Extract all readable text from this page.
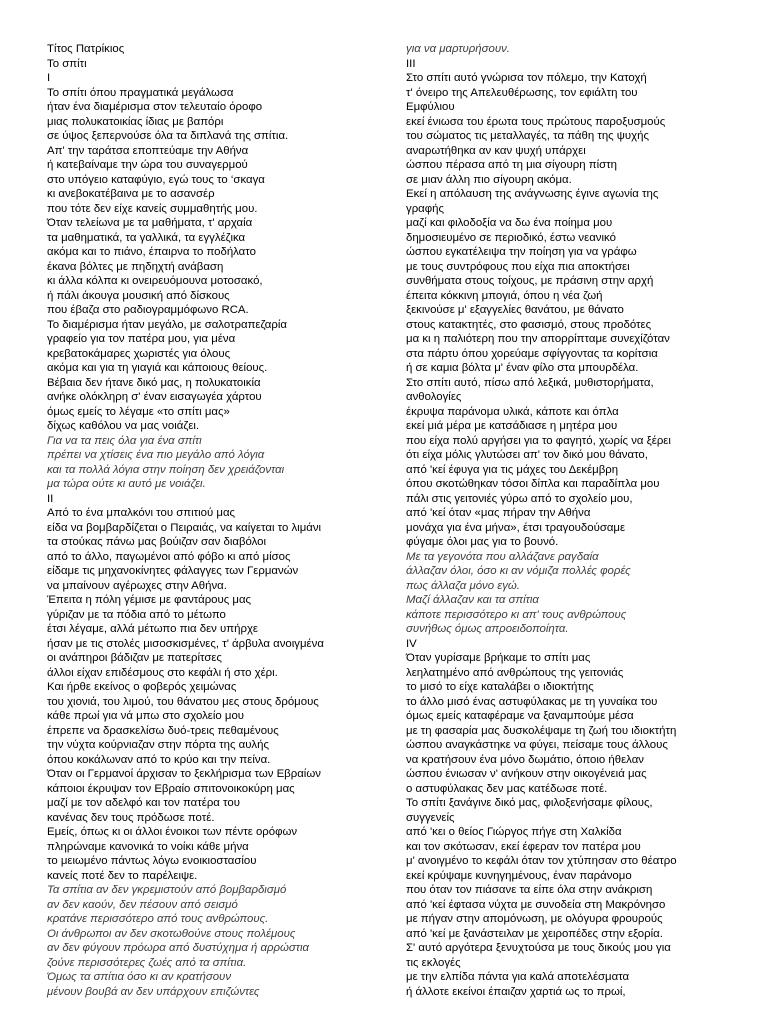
Τίτος Πατρίκιος
Το σπίτι
I
Το σπίτι όπου πραγματικά μεγάλωσα
ήταν ένα διαμέρισμα στον τελευταίο όροφο
μιας πολυκατοικίας ίδιας με βαπόρι
σε ύψος ξεπερνούσε όλα τα διπλανά της σπίτια.
Απ' την ταράτσα εποπτεύαμε την Αθήνα
ή κατεβαίναμε την ώρα του συναγερμού
στο υπόγειο καταφύγιο, εγώ τους το ‘σκαγα
κι ανεβοκατέβαινα με το ασανσέρ
που τότε δεν είχε κανείς συμμαθητής μου.
Όταν τελείωνα με τα μαθήματα, τ' αρχαία
τα μαθηματικά, τα γαλλικά, τα εγγλέζικα
ακόμα και το πιάνο, έπαιρνα το ποδήλατο
έκανα βόλτες με πηδηχτή ανάβαση
κι άλλα κόλπα κι ονειρευόμουνα μοτοσακό,
ή πάλι άκουγα μουσική από δίσκους
που έβαζα στο ραδιογραμμόφωνο RCA.
Το διαμέρισμα ήταν μεγάλο, με σαλοτραπεζαρία
γραφείο για τον πατέρα μου, για μένα
κρεβατοκάμαρες χωριστές για όλους
ακόμα και για τη γιαγιά και κάποιους θείους.
Βέβαια δεν ήτανε δικό μας, η πολυκατοικία
ανήκε ολόκληρη σ' έναν εισαγωγέα χάρτου
όμως εμείς το λέγαμε «το σπίτι μας»
δίχως καθόλου να μας νοιάζει.
Για να τα πεις όλα για ένα σπίτι
πρέπει να χτίσεις ένα πιο μεγάλο από λόγια
και τα πολλά λόγια στην ποίηση δεν χρειάζονται
μα τώρα ούτε κι αυτό με νοιάζει.
II
Από το ένα μπαλκόνι του σπιτιού μας
είδα να βομβαρδίζεται ο Πειραιάς, να καίγεται το λιμάνι
τα στούκας πάνω μας βούιζαν σαν διαβόλοι
από το άλλο, παγωμένοι από φόβο κι από μίσος
είδαμε τις μηχανοκίνητες φάλαγγες των Γερμανών
να μπαίνουν αγέρωχες στην Αθήνα.
Έπειτα η πόλη γέμισε με φαντάρους μας
γύριζαν με τα πόδια από το μέτωπο
έτσι λέγαμε, αλλά μέτωπο πια δεν υπήρχε
ήσαν με τις στολές μισοσκισμένες, τ' άρβυλα ανοιγμένα
οι ανάπηροι βάδιζαν με πατερίτσες
άλλοι είχαν επιδέσμους στο κεφάλι ή στο χέρι.
Και ήρθε εκείνος ο φοβερός χειμώνας
του χιονιά, του λιμού, του θάνατου μες στους δρόμους
κάθε πρωί για νά μπω στο σχολείο μου
έπρεπε να δρασκελίσω δυό-τρεις πεθαμένους
την νύχτα κούρνιαζαν στην πόρτα της αυλής
όπου κοκάλωναν από το κρύο και την πείνα.
Όταν οι Γερμανοί άρχισαν το ξεκλήρισμα των Εβραίων
κάποιοι έκρυψαν τον Εβραίο σπιτονοικοκύρη μας
μαζί με τον αδελφό και τον πατέρα του
κανένας δεν τους πρόδωσε ποτέ.
Εμείς, όπως κι οι άλλοι ένοικοι των πέντε ορόφων
πληρώναμε κανονικά το νοίκι κάθε μήνα
το μειωμένο πάντως λόγω ενοικιοστασίου
κανείς ποτέ δεν το παρέλειψε.
Τα σπίτια αν δεν γκρεμιστούν από βομβαρδισμό
αν δεν καούν, δεν πέσουν από σεισμό
κρατάνε περισσότερο από τους ανθρώπους.
Οι άνθρωποι αν δεν σκοτωθούνε στους πολέμους
αν δεν φύγουν πρόωρα από δυστύχημα ή αρρώστια
ζούνε περισσότερες ζωές από τα σπίτια.
Όμως τα σπίτια όσο κι αν κρατήσουν
μένουν βουβά αν δεν υπάρχουν επιζώντες
για να μαρτυρήσουν.
III
Στο σπίτι αυτό γνώρισα τον πόλεμο, την Κατοχή
τ' όνειρο της Απελευθέρωσης, τον εφιάλτη του
Εμφύλιου
εκεί ένιωσα του έρωτα τους πρώτους παροξυσμούς
του σώματος τις μεταλλαγές, τα πάθη της ψυχής
αναρωτήθηκα αν καν ψυχή υπάρχει
ώσπου πέρασα από τη μια σίγουρη πίστη
σε μιαν άλλη πιο σίγουρη ακόμα.
Εκεί η απόλαυση της ανάγνωσης έγινε αγωνία της
γραφής
μαζί και φιλοδοξία να δω ένα ποίημα μου
δημοσιευμένο σε περιοδικό, έστω νεανικό
ώσπου εγκατέλειψα την ποίηση για να γράφω
με τους συντρόφους που είχα πια αποκτήσει
συνθήματα στους τοίχους, με πράσινη στην αρχή
έπειτα κόκκινη μπογιά, όπου η νέα ζωή
ξεκινούσε μ' εξαγγελίες θανάτου, με θάνατο
στους κατακτητές, στο φασισμό, στους προδότες
μα κι η παλιότερη που την απορρίπταμε συνεχίζόταν
στα πάρτυ όπου χορεύαμε σφίγγοντας τα κορίτσια
ή σε καμια βόλτα μ' έναν φίλο στα μπουρδέλα.
Στο σπίτι αυτό, πίσω από λεξικά, μυθιστορήματα,
ανθολογίες
έκρυψα παράνομα υλικά, κάποτε και όπλα
εκεί μιά μέρα με κατσάδιασε η μητέρα μου
που είχα πολύ αργήσει για το φαγητό, χωρίς να ξέρει
ότι είχα μόλις γλυτώσει απ' τον δικό μου θάνατο,
από 'κεί έφυγα για τις μάχες του Δεκέμβρη
όπου σκοτώθηκαν τόσοι δίπλα και παραδίπλα μου
πάλι στις γειτονιές γύρω από το σχολείο μου,
από 'κεί όταν «μας πήραν την Αθήνα
μονάχα για ένα μήνα», έτσι τραγουδούσαμε
φύγαμε όλοι μας για το βουνό.
Με τα γεγονότα που αλλάζανε ραγδαία
άλλαζαν όλοι, όσο κι αν νόμιζα πολλές φορές
πως άλλαζα μόνο εγώ.
Μαζί άλλαζαν και τα σπίτια
κάποτε περισσότερο κι απ' τους ανθρώπους
συνήθως όμως απροειδοποίητα.
IV
Όταν γυρίσαμε βρήκαμε το σπίτι μας
λεηλατημένο από ανθρώπους της γειτονιάς
το μισό το είχε καταλάβει ο ιδιοκτήτης
το άλλο μισό ένας αστυφύλακας με τη γυναίκα του
όμως εμείς καταφέραμε να ξαναμπούμε μέσα
με τη φασαρία μας δυσκολέψαμε τη ζωή του ιδιοκτήτη
ώσπου αναγκάστηκε να φύγει, πείσαμε τους άλλους
να κρατήσουν ένα μόνο δωμάτιο, όποιο ήθελαν
ώσπου ένιωσαν ν' ανήκουν στην οικογένειά μας
ο αστυφύλακας δεν μας κατέδωσε ποτέ.
Το σπίτι ξανάγινε δικό μας, φιλοξενήσαμε φίλους,
συγγενείς
από 'κει ο θείος Γιώργος πήγε στη Χαλκίδα
και τον σκότωσαν, εκεί έφεραν τον πατέρα μου
μ' ανοιγμένο το κεφάλι όταν τον χτύπησαν στο θέατρο
εκεί κρύψαμε κυνηγημένους, έναν παράνομο
που όταν τον πιάσανε τα είπε όλα στην ανάκριση
από 'κεί έφτασα νύχτα με συνοδεία στη Μακρόνησο
με πήγαν στην απομόνωση, με ολόγυρα φρουρούς
από 'κεί με ξανάστειλαν με χειροπέδες στην εξορία.
Σ' αυτό αργότερα ξενυχτούσα με τους δικούς μου για
τις εκλογές
με την ελπίδα πάντα για καλά αποτελέσματα
ή άλλοτε εκείνοι έπαιζαν χαρτιά ως το πρωί,
